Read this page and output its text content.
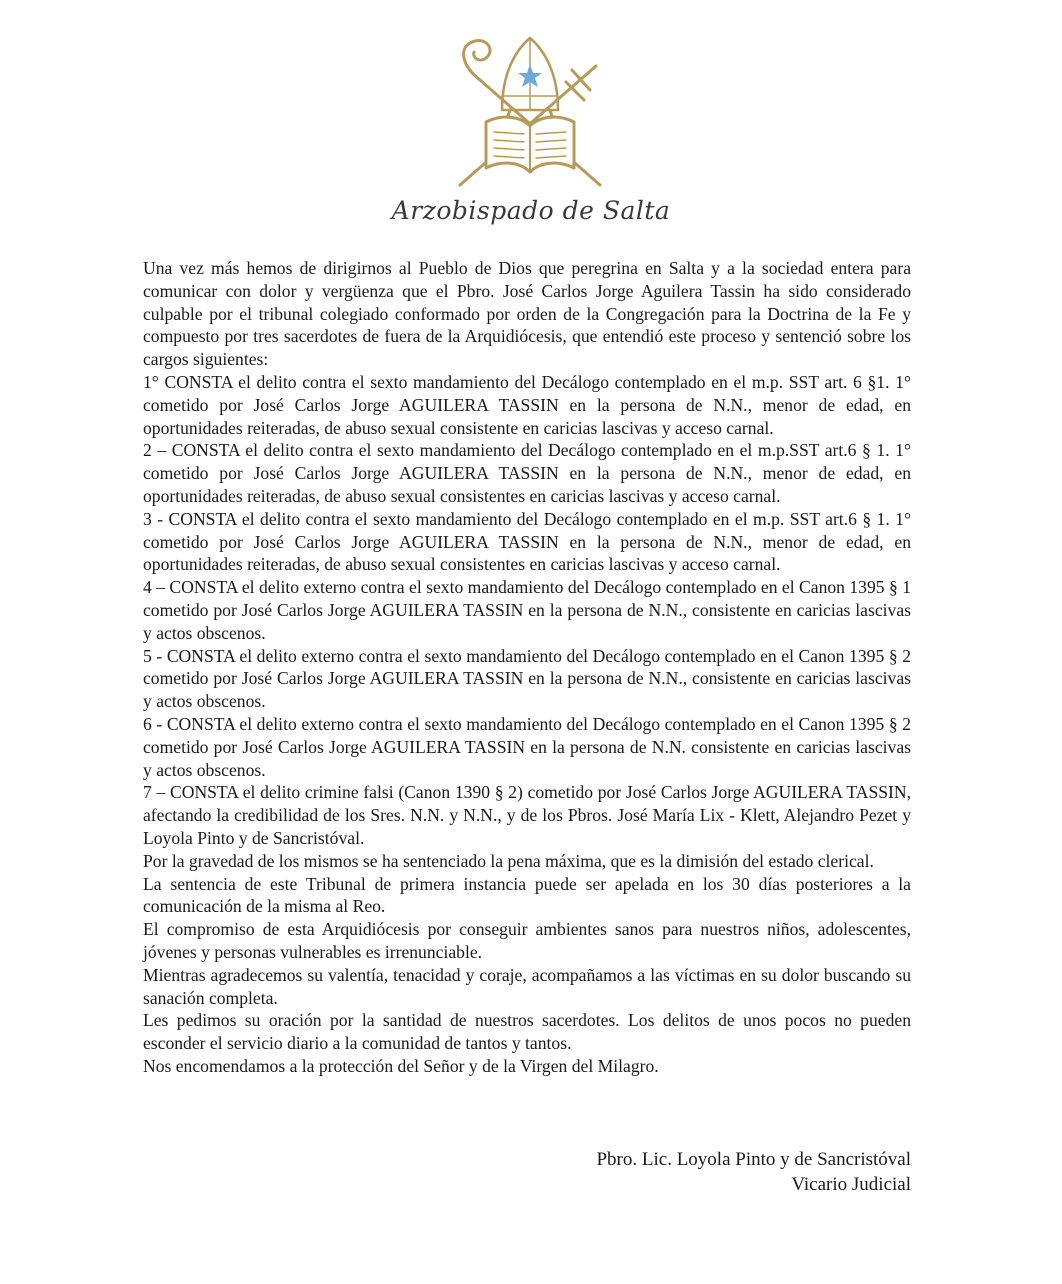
Arzobispado de Salta

Una vez más hemos de dirigirnos al Pueblo de Dios que peregrina en Salta y a la sociedad entera para comunicar con dolor y vergüenza que el Pbro. José Carlos Jorge Aguilera Tassin ha sido considerado culpable por el tribunal colegiado conformado por orden de la Congregación para la Doctrina de la Fe y compuesto por tres sacerdotes de fuera de la Arquidiócesis, que entendió este proceso y sentenció sobre los cargos siguientes:

1° CONSTA el delito contra el sexto mandamiento del Decálogo contemplado en el m.p. SST art. 6 §1. 1° cometido por José Carlos Jorge AGUILERA TASSIN en la persona de N.N., menor de edad, en oportunidades reiteradas, de abuso sexual consistente en caricias lascivas y acceso carnal.

2 – CONSTA el delito contra el sexto mandamiento del Decálogo contemplado en el m.p.SST art.6 § 1. 1° cometido por José Carlos Jorge AGUILERA TASSIN en la persona de N.N., menor de edad, en oportunidades reiteradas, de abuso sexual consistentes en caricias lascivas y acceso carnal.

3 - CONSTA el delito contra el sexto mandamiento del Decálogo contemplado en el m.p. SST art.6 § 1. 1° cometido por José Carlos Jorge AGUILERA TASSIN en la persona de N.N., menor de edad, en oportunidades reiteradas, de abuso sexual consistentes en caricias lascivas y acceso carnal.

4 – CONSTA el delito externo contra el sexto mandamiento del Decálogo contemplado en el Canon 1395 § 1 cometido por José Carlos Jorge AGUILERA TASSIN en la persona de N.N., consistente en caricias lascivas y actos obscenos.

5 - CONSTA el delito externo contra el sexto mandamiento del Decálogo contemplado en el Canon 1395 § 2 cometido por José Carlos Jorge AGUILERA TASSIN en la persona de N.N., consistente en caricias lascivas y actos obscenos.

6 - CONSTA el delito externo contra el sexto mandamiento del Decálogo contemplado en el Canon 1395 § 2 cometido por José Carlos Jorge AGUILERA TASSIN en la persona de N.N. consistente en caricias lascivas y actos obscenos.

7 – CONSTA el delito crimine falsi (Canon 1390 § 2) cometido por José Carlos Jorge AGUILERA TASSIN, afectando la credibilidad de los Sres. N.N. y N.N., y de los Pbros. José María Lix - Klett, Alejandro Pezet y Loyola Pinto y de Sancristóval.

Por la gravedad de los mismos se ha sentenciado la pena máxima, que es la dimisión del estado clerical.

La sentencia de este Tribunal de primera instancia puede ser apelada en los 30 días posteriores a la comunicación de la misma al Reo.

El compromiso de esta Arquidiócesis por conseguir ambientes sanos para nuestros niños, adolescentes, jóvenes y personas vulnerables es irrenunciable.

Mientras agradecemos su valentía, tenacidad y coraje, acompañamos a las víctimas en su dolor buscando su sanación completa.

Les pedimos su oración por la santidad de nuestros sacerdotes. Los delitos de unos pocos no pueden esconder el servicio diario a la comunidad de tantos y tantos.

Nos encomendamos a la protección del Señor y de la Virgen del Milagro.

Pbro. Lic. Loyola Pinto y de Sancristóval
Vicario Judicial
